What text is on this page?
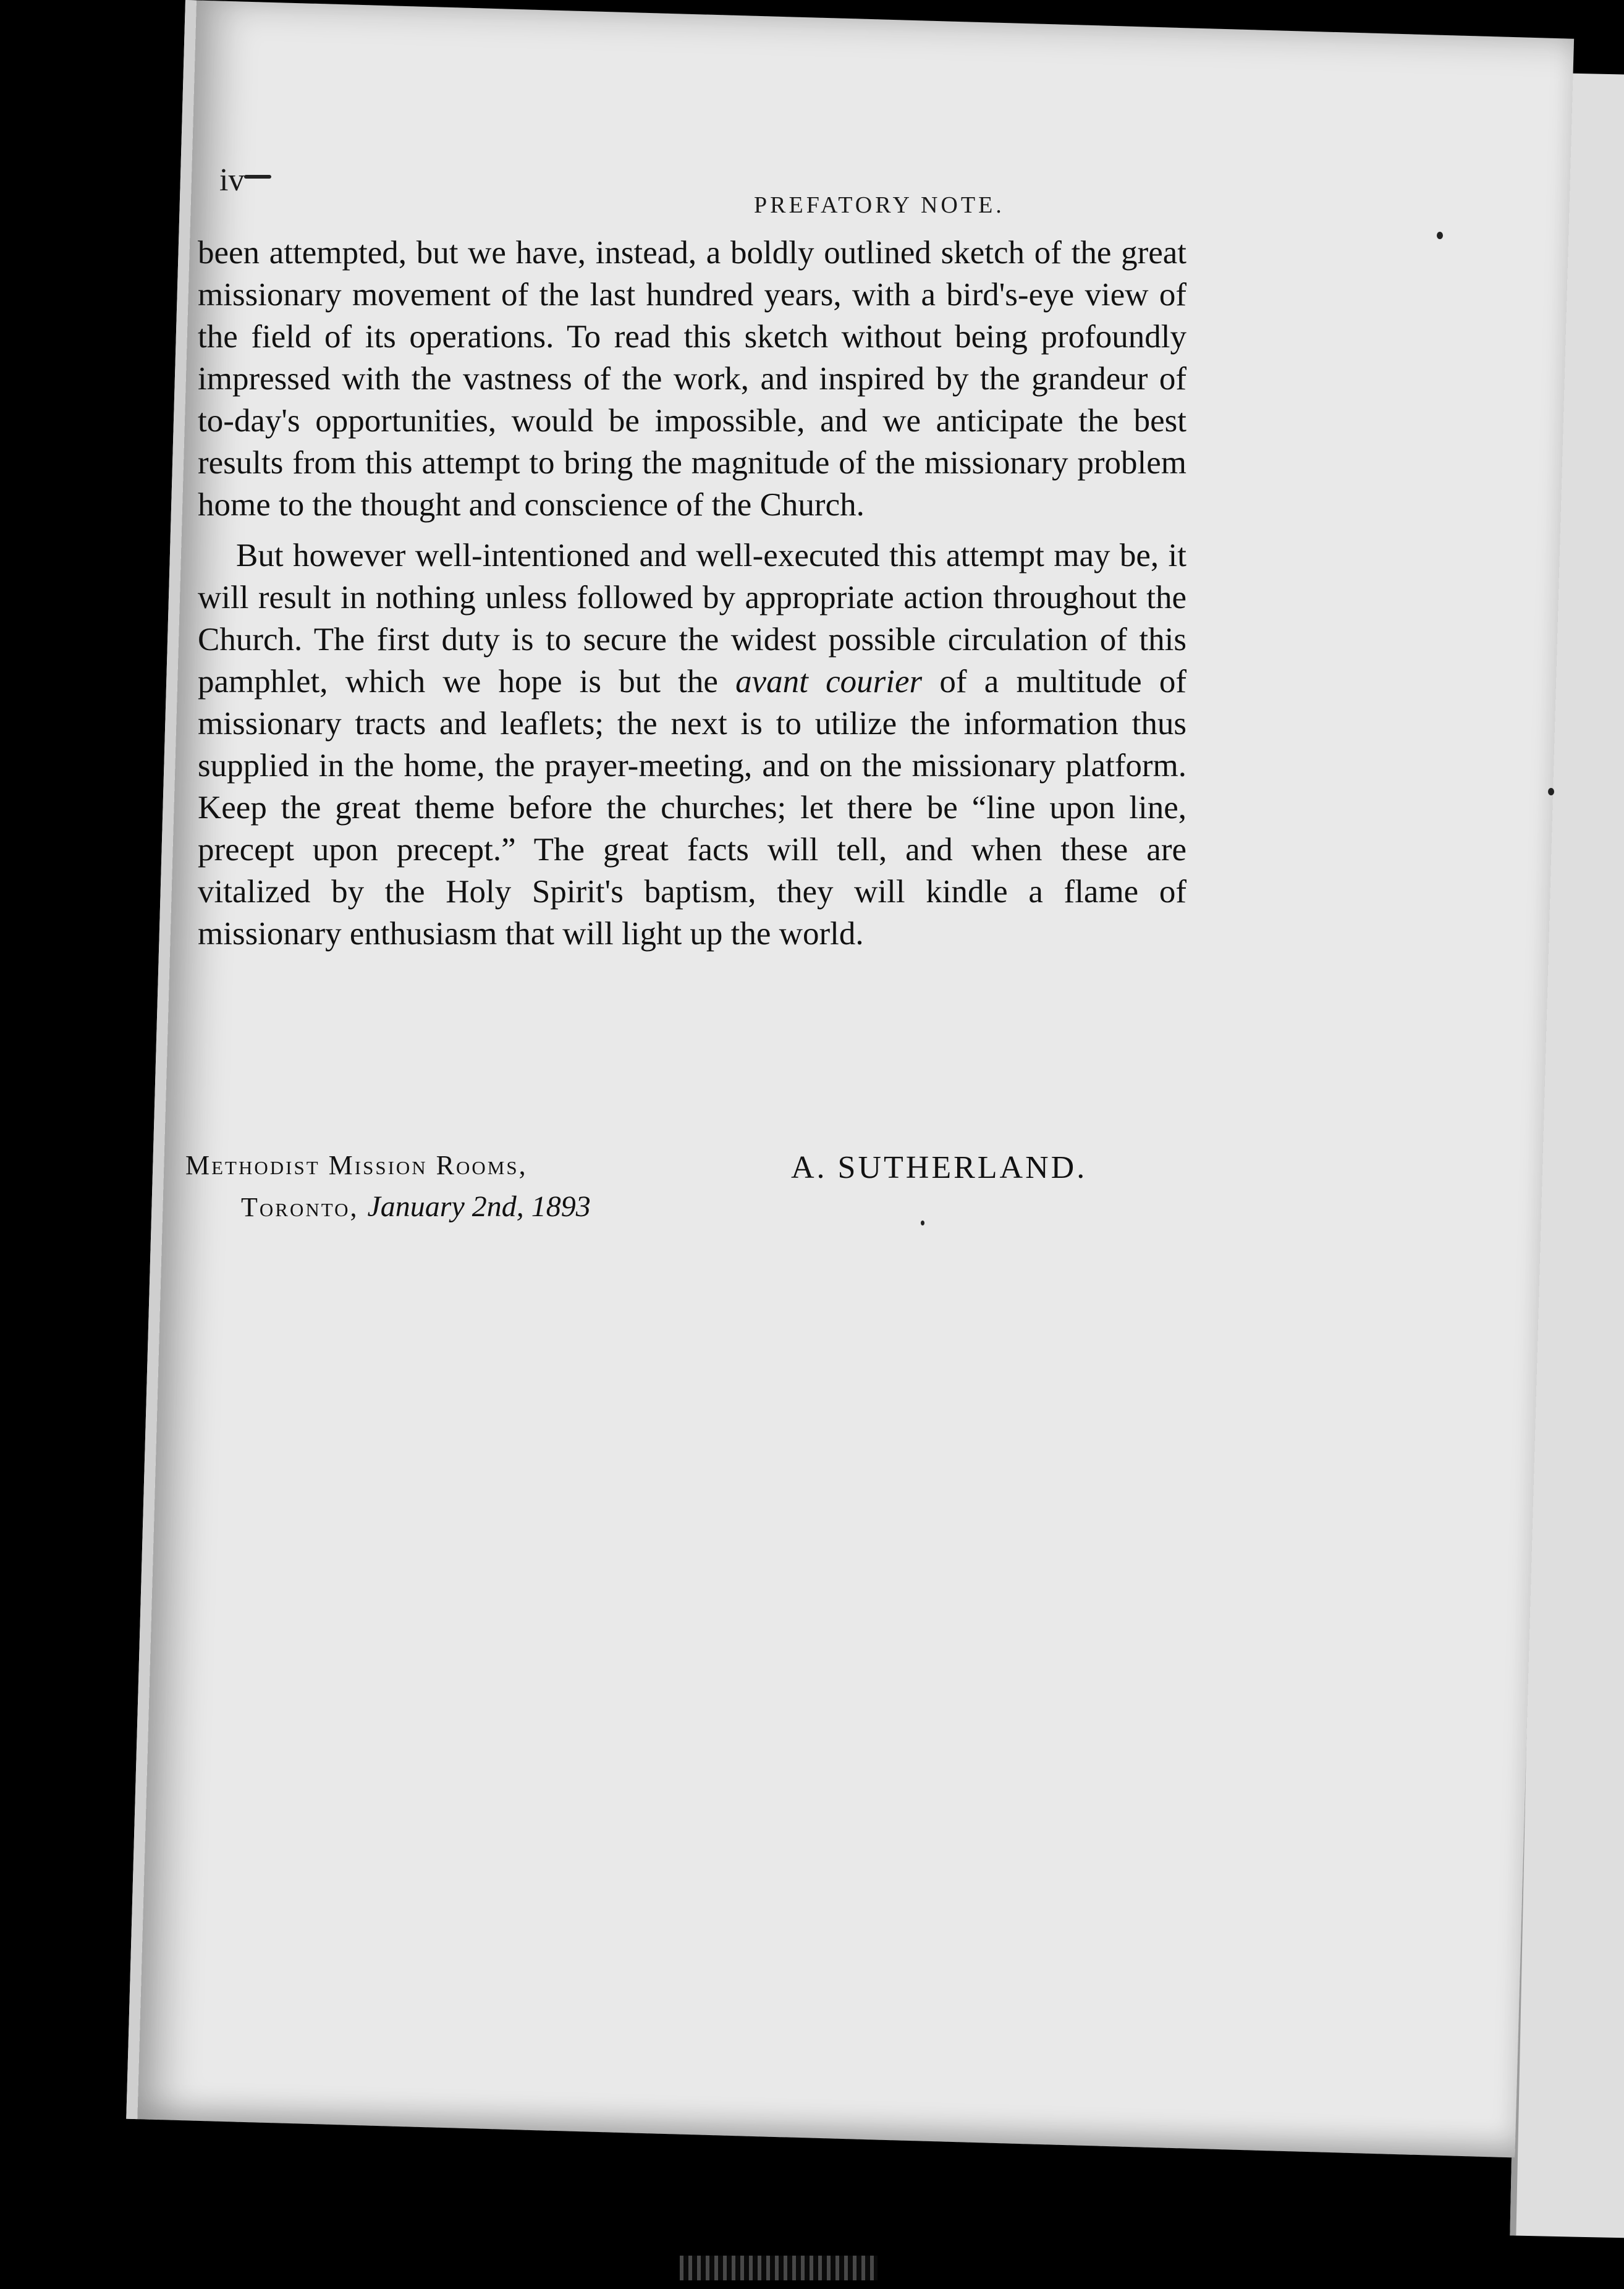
iv
PREFATORY NOTE.

been attempted, but we have, instead, a boldly outlined sketch of the great missionary movement of the last hundred years, with a bird's-eye view of the field of its operations. To read this sketch without being profoundly impressed with the vastness of the work, and inspired by the grandeur of to-day's opportunities, would be impossible, and we anticipate the best results from this attempt to bring the magnitude of the missionary problem home to the thought and conscience of the Church.

But however well-intentioned and well-executed this attempt may be, it will result in nothing unless followed by appropriate action throughout the Church. The first duty is to secure the widest possible circulation of this pamphlet, which we hope is but the avant courier of a multitude of missionary tracts and leaflets; the next is to utilize the information thus supplied in the home, the prayer-meeting, and on the missionary platform. Keep the great theme before the churches; let there be “line upon line, precept upon precept.” The great facts will tell, and when these are vitalized by the Holy Spirit's baptism, they will kindle a flame of missionary enthusiasm that will light up the world.

Methodist Mission Rooms,
Toronto, January 2nd, 1893
A. SUTHERLAND.
